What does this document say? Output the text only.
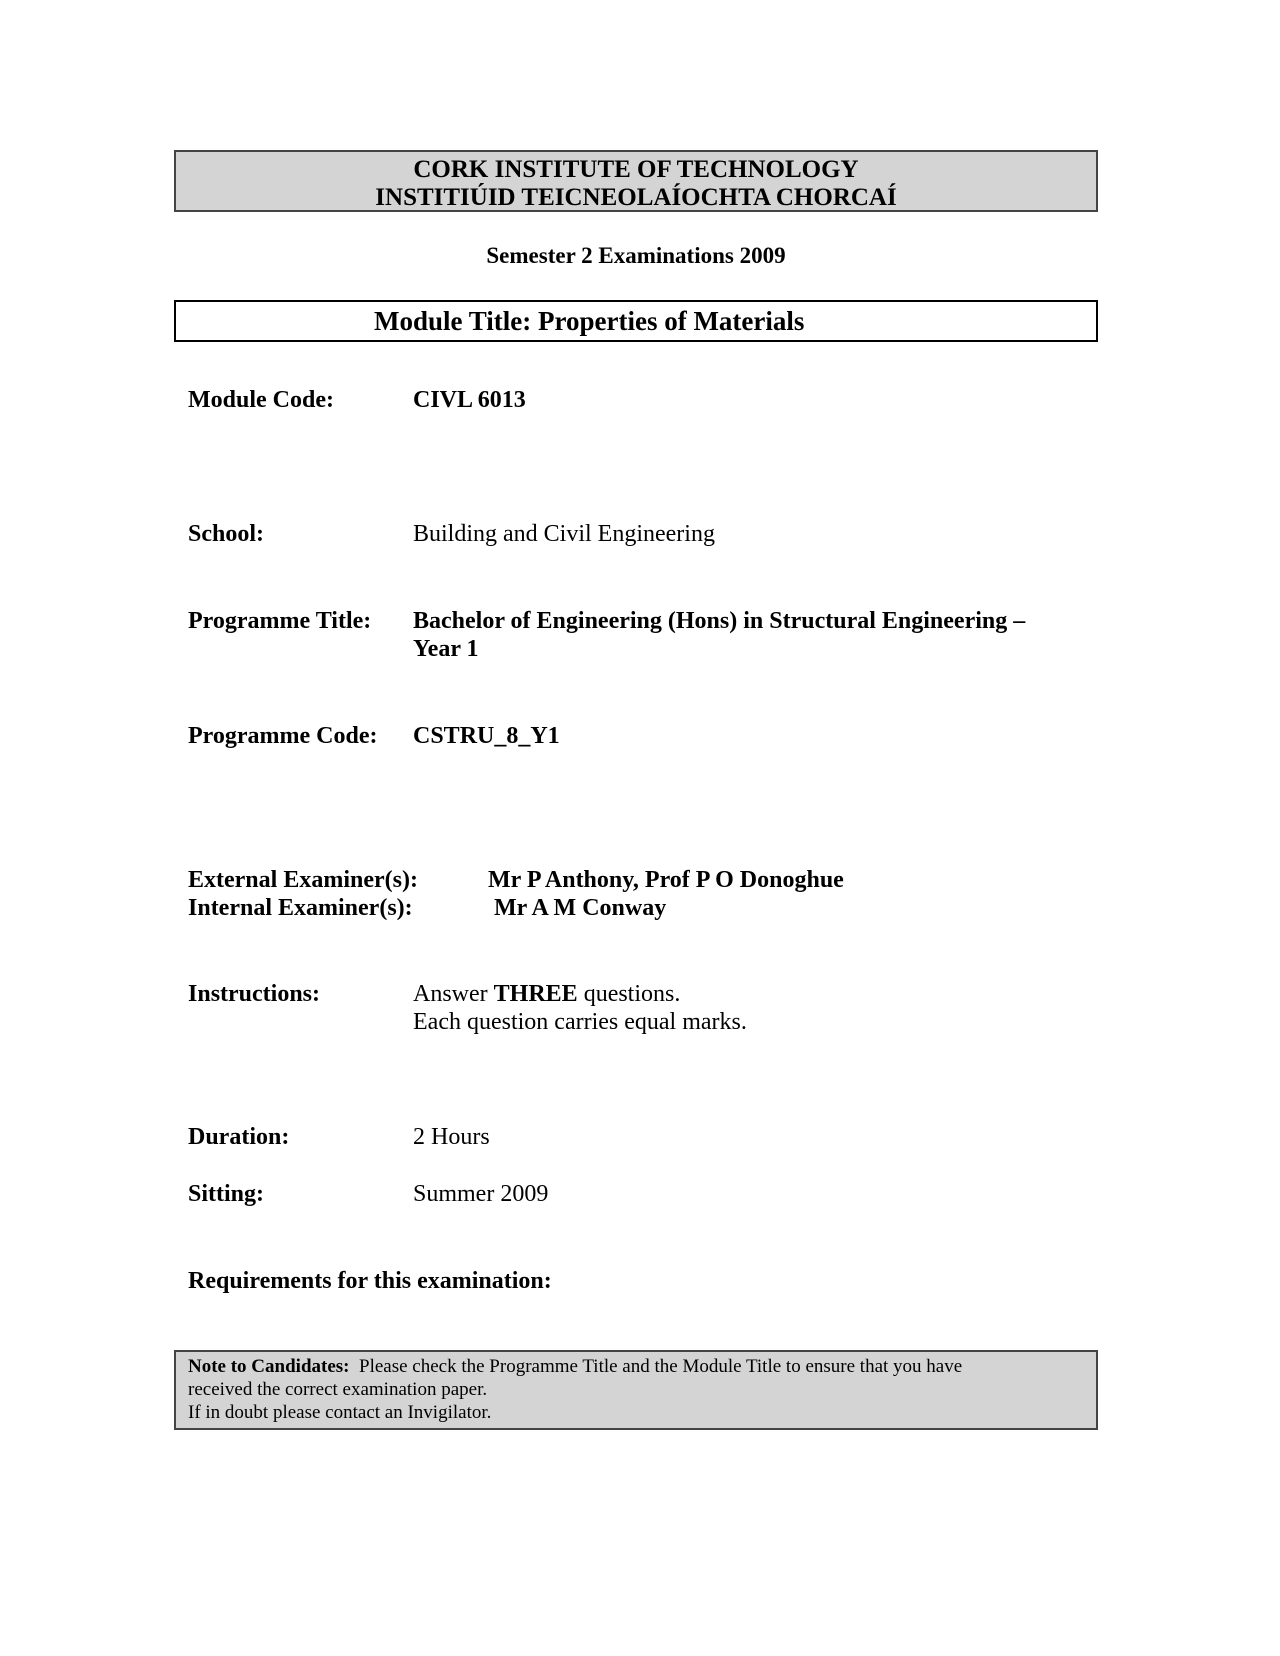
CORK INSTITUTE OF TECHNOLOGY
INSTITIÚID TEICNEOLAÍOCHTA CHORCAÍ
Semester 2 Examinations 2009
Module Title: Properties of Materials
Module Code:	CIVL 6013
School:	Building and Civil Engineering
Programme Title: Bachelor of Engineering (Hons) in Structural Engineering –
Year 1
Programme Code: CSTRU_8_Y1
External Examiner(s):	Mr P Anthony, Prof P O Donoghue
Internal Examiner(s):	Mr A M Conway
Instructions:	Answer THREE questions.
Each question carries equal marks.
Duration:	2 Hours
Sitting:	Summer 2009
Requirements for this examination:
Note to Candidates:  Please check the Programme Title and the Module Title to ensure that you have
received the correct examination paper.
If in doubt please contact an Invigilator.
